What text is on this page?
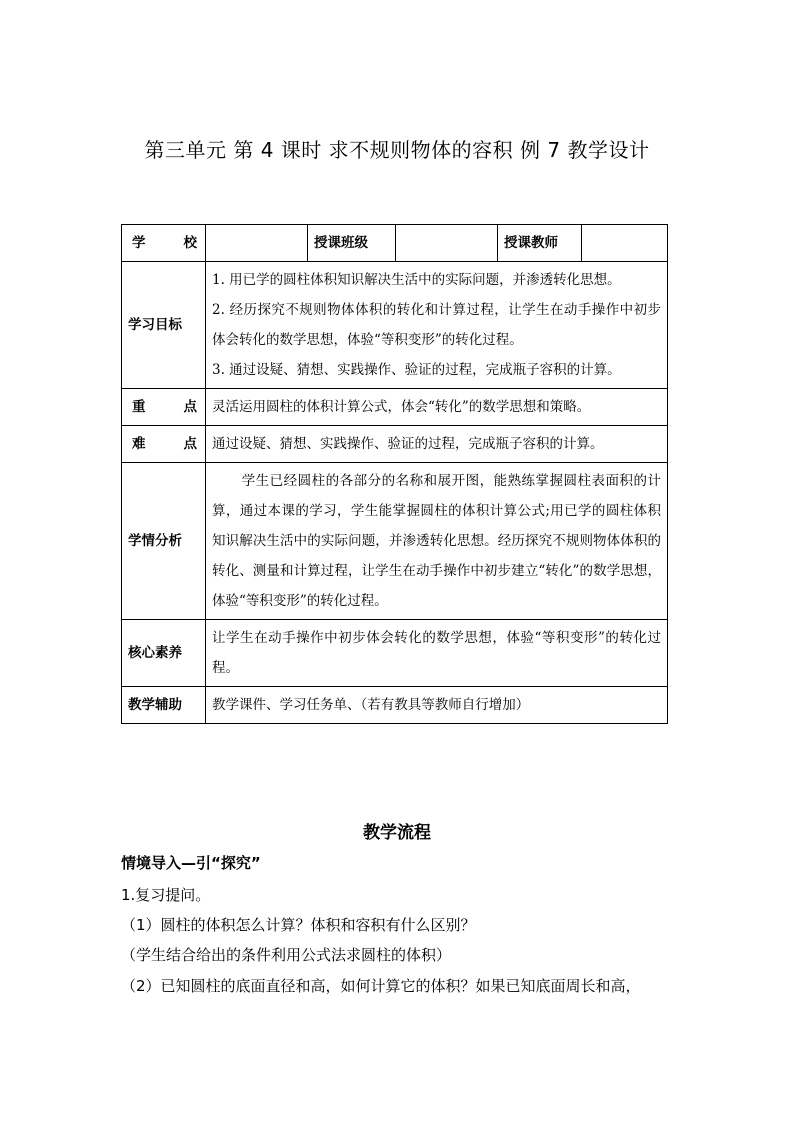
第三单元 第 4 课时 求不规则物体的容积 例 7 教学设计
学 校		授课班级		授课教师	
学习目标	1. 用已学的圆柱体积知识解决生活中的实际问题，并渗透转化思想。
2. 经历探究不规则物体体积的转化和计算过程，让学生在动手操作中初步体会转化的数学思想，体验“等积变形”的转化过程。
3. 通过设疑、猜想、实践操作、验证的过程，完成瓶子容积的计算。				

重 点	灵活运用圆柱的体积计算公式，体会“转化”的数学思想和策略。				

难 点	通过设疑、猜想、实践操作、验证的过程，完成瓶子容积的计算。				
学情分析	学生已经圆柱的各部分的名称和展开图，能熟练掌握圆柱表面积的计算，通过本课的学习，学生能掌握圆柱的体积计算公式;用已学的圆柱体积知识解决生活中的实际问题，并渗透转化思想。经历探究不规则物体体积的转化、测量和计算过程，让学生在动手操作中初步建立“转化”的数学思想，体验“等积变形”的转化过程。				
核心素养	让学生在动手操作中初步体会转化的数学思想，体验“等积变形”的转化过程。				
教学辅助	教学课件、学习任务单、（若有教具等教师自行增加）				
教学流程
情境导入—引“探究”
1.复习提问。
（1）圆柱的体积怎么计算？体积和容积有什么区别？
（学生结合给出的条件利用公式法求圆柱的体积）
（2）已知圆柱的底面直径和高，如何计算它的体积？如果已知底面周长和高，
